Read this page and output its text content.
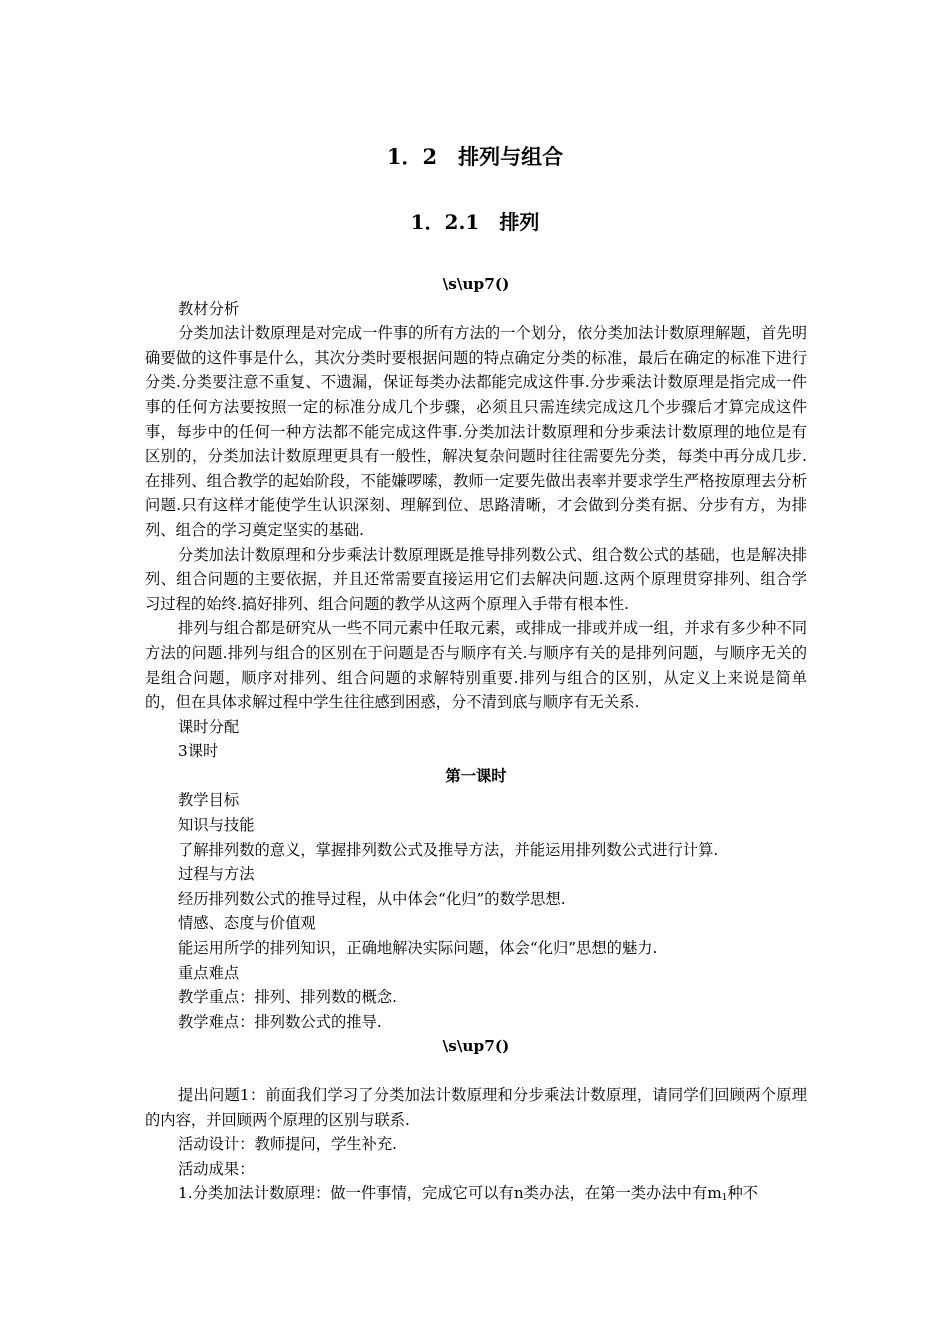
1．2　排列与组合
1．2.1　排列

\s\up7()

教材分析

分类加法计数原理是对完成一件事的所有方法的一个划分，依分类加法计数原理解题，首先明确要做的这件事是什么，其次分类时要根据问题的特点确定分类的标准，最后在确定的标准下进行分类.分类要注意不重复、不遗漏，保证每类办法都能完成这件事.分步乘法计数原理是指完成一件事的任何方法要按照一定的标准分成几个步骤，必须且只需连续完成这几个步骤后才算完成这件事，每步中的任何一种方法都不能完成这件事.分类加法计数原理和分步乘法计数原理的地位是有区别的，分类加法计数原理更具有一般性，解决复杂问题时往往需要先分类，每类中再分成几步.在排列、组合教学的起始阶段，不能嫌啰嗦，教师一定要先做出表率并要求学生严格按原理去分析问题.只有这样才能使学生认识深刻、理解到位、思路清晰，才会做到分类有据、分步有方，为排列、组合的学习奠定坚实的基础.

分类加法计数原理和分步乘法计数原理既是推导排列数公式、组合数公式的基础，也是解决排列、组合问题的主要依据，并且还常需要直接运用它们去解决问题.这两个原理贯穿排列、组合学习过程的始终.搞好排列、组合问题的教学从这两个原理入手带有根本性.

排列与组合都是研究从一些不同元素中任取元素，或排成一排或并成一组，并求有多少种不同方法的问题.排列与组合的区别在于问题是否与顺序有关.与顺序有关的是排列问题，与顺序无关的是组合问题，顺序对排列、组合问题的求解特别重要.排列与组合的区别，从定义上来说是简单的，但在具体求解过程中学生往往感到困惑，分不清到底与顺序有无关系.

课时分配

3课时

第一课时

教学目标

知识与技能

了解排列数的意义，掌握排列数公式及推导方法，并能运用排列数公式进行计算.

过程与方法

经历排列数公式的推导过程，从中体会“化归”的数学思想.

情感、态度与价值观

能运用所学的排列知识，正确地解决实际问题，体会“化归”思想的魅力.

重点难点

教学重点：排列、排列数的概念.

教学难点：排列数公式的推导.

\s\up7()

提出问题1：前面我们学习了分类加法计数原理和分步乘法计数原理，请同学们回顾两个原理的内容，并回顾两个原理的区别与联系.

活动设计：教师提问，学生补充.

活动成果：

1.分类加法计数原理：做一件事情，完成它可以有n类办法，在第一类办法中有$m_1$种不
